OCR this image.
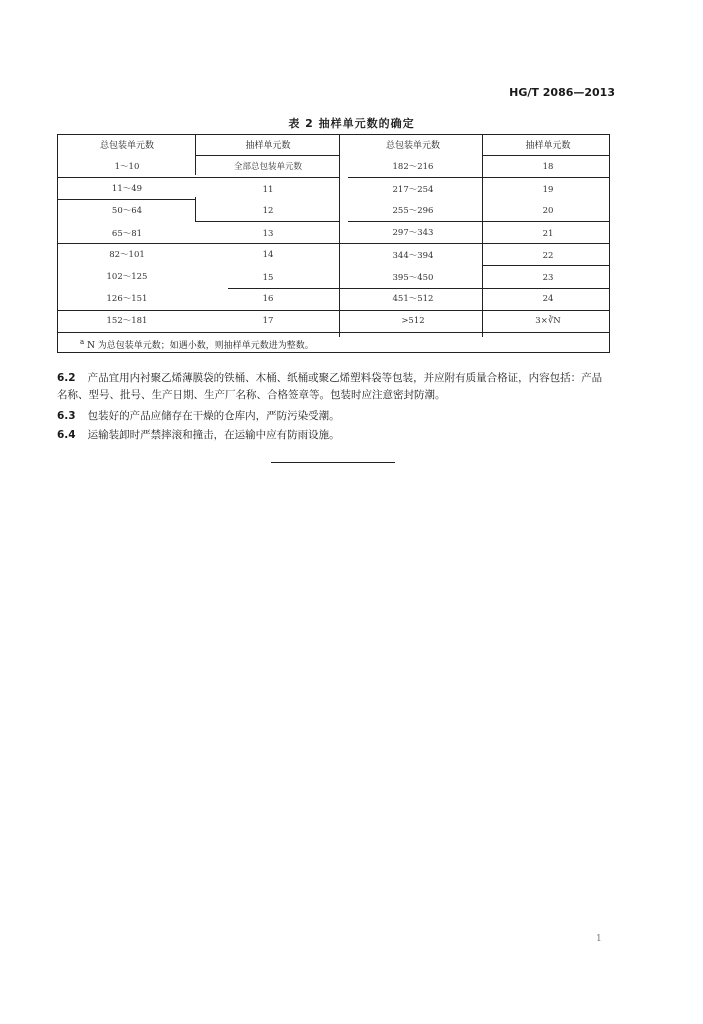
HG/T 2086—2013
表 2 抽样单元数的确定
总包装单元数	抽样单元数	总包装单元数	抽样单元数
1～10	全部总包装单元数	182～216	18
11～49	11	217～254	19
50～64	12	255～296	20
65～81	13	297～343	21
82～101	14	344～394	22
102～125	15	395～450	23
126～151	16	451～512	24
152～181	17	>512	3×∛N
$^a$ N 为总包装单元数；如遇小数，则抽样单元数进为整数。
6.2 产品宜用内衬聚乙烯薄膜袋的铁桶、木桶、纸桶或聚乙烯塑料袋等包装，并应附有质量合格证，内容包括：产品名称、型号、批号、生产日期、生产厂名称、合格签章等。包装时应注意密封防潮。
6.3 包装好的产品应储存在干燥的仓库内，严防污染受潮。
6.4 运输装卸时严禁摔滚和撞击，在运输中应有防雨设施。
1
